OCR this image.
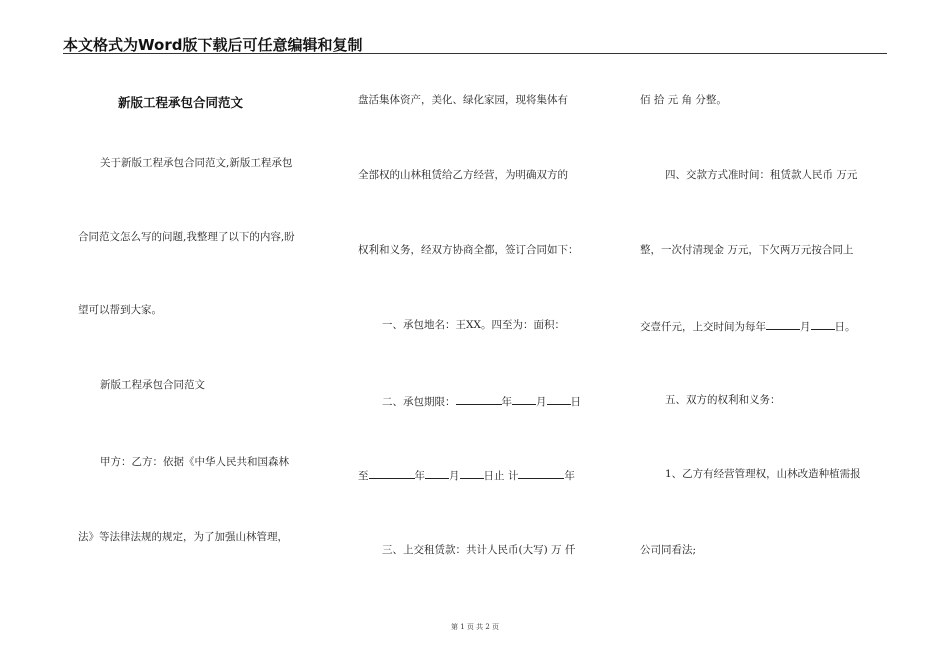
本文格式为Word版下载后可任意编辑和复制
新版工程承包合同范文
关于新版工程承包合同范文,新版工程承包
合同范文怎么写的问题,我整理了以下的内容,盼
望可以帮到大家。
新版工程承包合同范文
甲方：乙方：依据《中华人民共和国森林
法》等法律法规的规定，为了加强山林管理，
盘活集体资产，美化、绿化家园，现将集体有
全部权的山林租赁给乙方经营，为明确双方的
权利和义务，经双方协商全都，签订合同如下：
一、承包地名：王XX。四至为：面积：
二、承包期限：	年 月 日
至	年 月 日止 计	年
三、上交租赁款：共计人民币(大写) 万 仟
佰 拾 元 角 分整。
四、交款方式准时间：租赁款人民币 万元
整，一次付清现金 万元，下欠两万元按合同上
交壹仟元，上交时间为每年	月 日。
五、双方的权利和义务：
1、乙方有经营管理权，山林改造种植需报
公司同看法;
第 1 页 共 2 页
